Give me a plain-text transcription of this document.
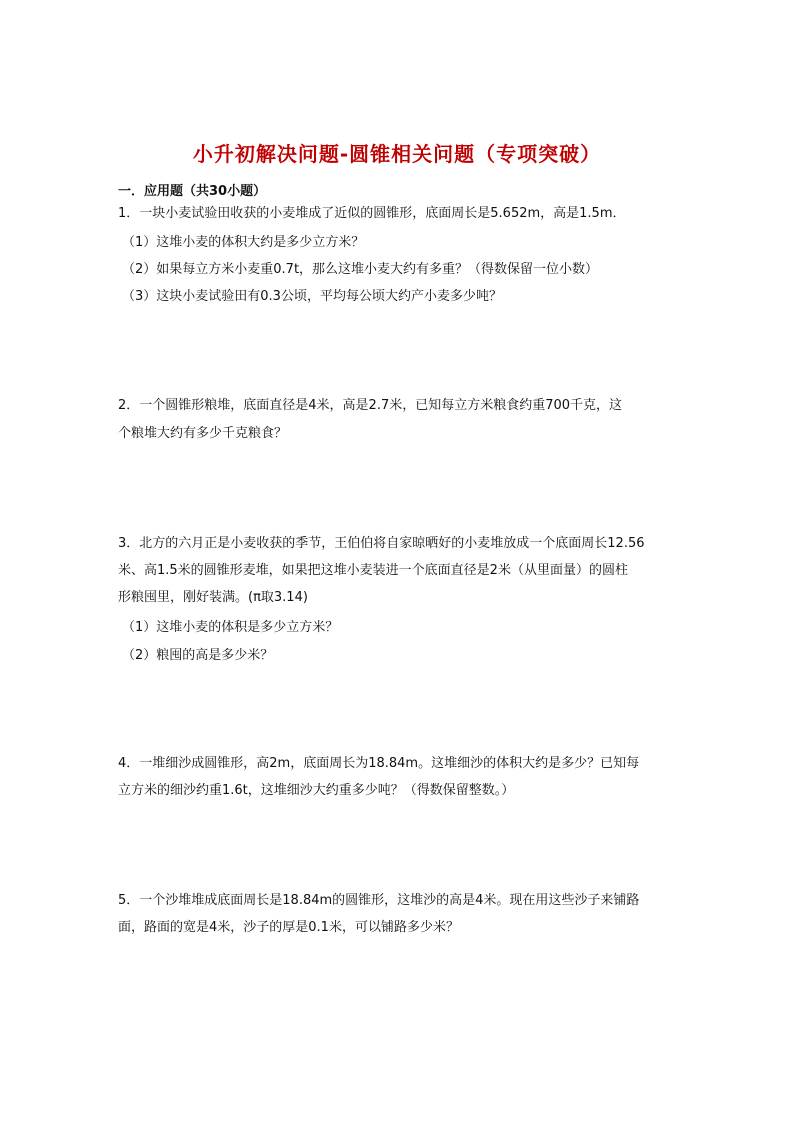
小升初解决问题-圆锥相关问题（专项突破）
一．应用题（共30小题）
1．一块小麦试验田收获的小麦堆成了近似的圆锥形，底面周长是5.652m，高是1.5m．
（1）这堆小麦的体积大约是多少立方米？
（2）如果每立方米小麦重0.7t，那么这堆小麦大约有多重？（得数保留一位小数）
（3）这块小麦试验田有0.3公顷，平均每公顷大约产小麦多少吨？
2．一个圆锥形粮堆，底面直径是4米，高是2.7米，已知每立方米粮食约重700千克，这
个粮堆大约有多少千克粮食？
3．北方的六月正是小麦收获的季节，王伯伯将自家晾晒好的小麦堆放成一个底面周长12.56
米、高1.5米的圆锥形麦堆，如果把这堆小麦装进一个底面直径是2米（从里面量）的圆柱
形粮囤里，刚好装满。(π取3.14)
（1）这堆小麦的体积是多少立方米？
（2）粮囤的高是多少米？
4．一堆细沙成圆锥形，高2m，底面周长为18.84m。这堆细沙的体积大约是多少？已知每
立方米的细沙约重1.6t，这堆细沙大约重多少吨？（得数保留整数。）
5．一个沙堆堆成底面周长是18.84m的圆锥形，这堆沙的高是4米。现在用这些沙子来铺路
面，路面的宽是4米，沙子的厚是0.1米，可以铺路多少米？
